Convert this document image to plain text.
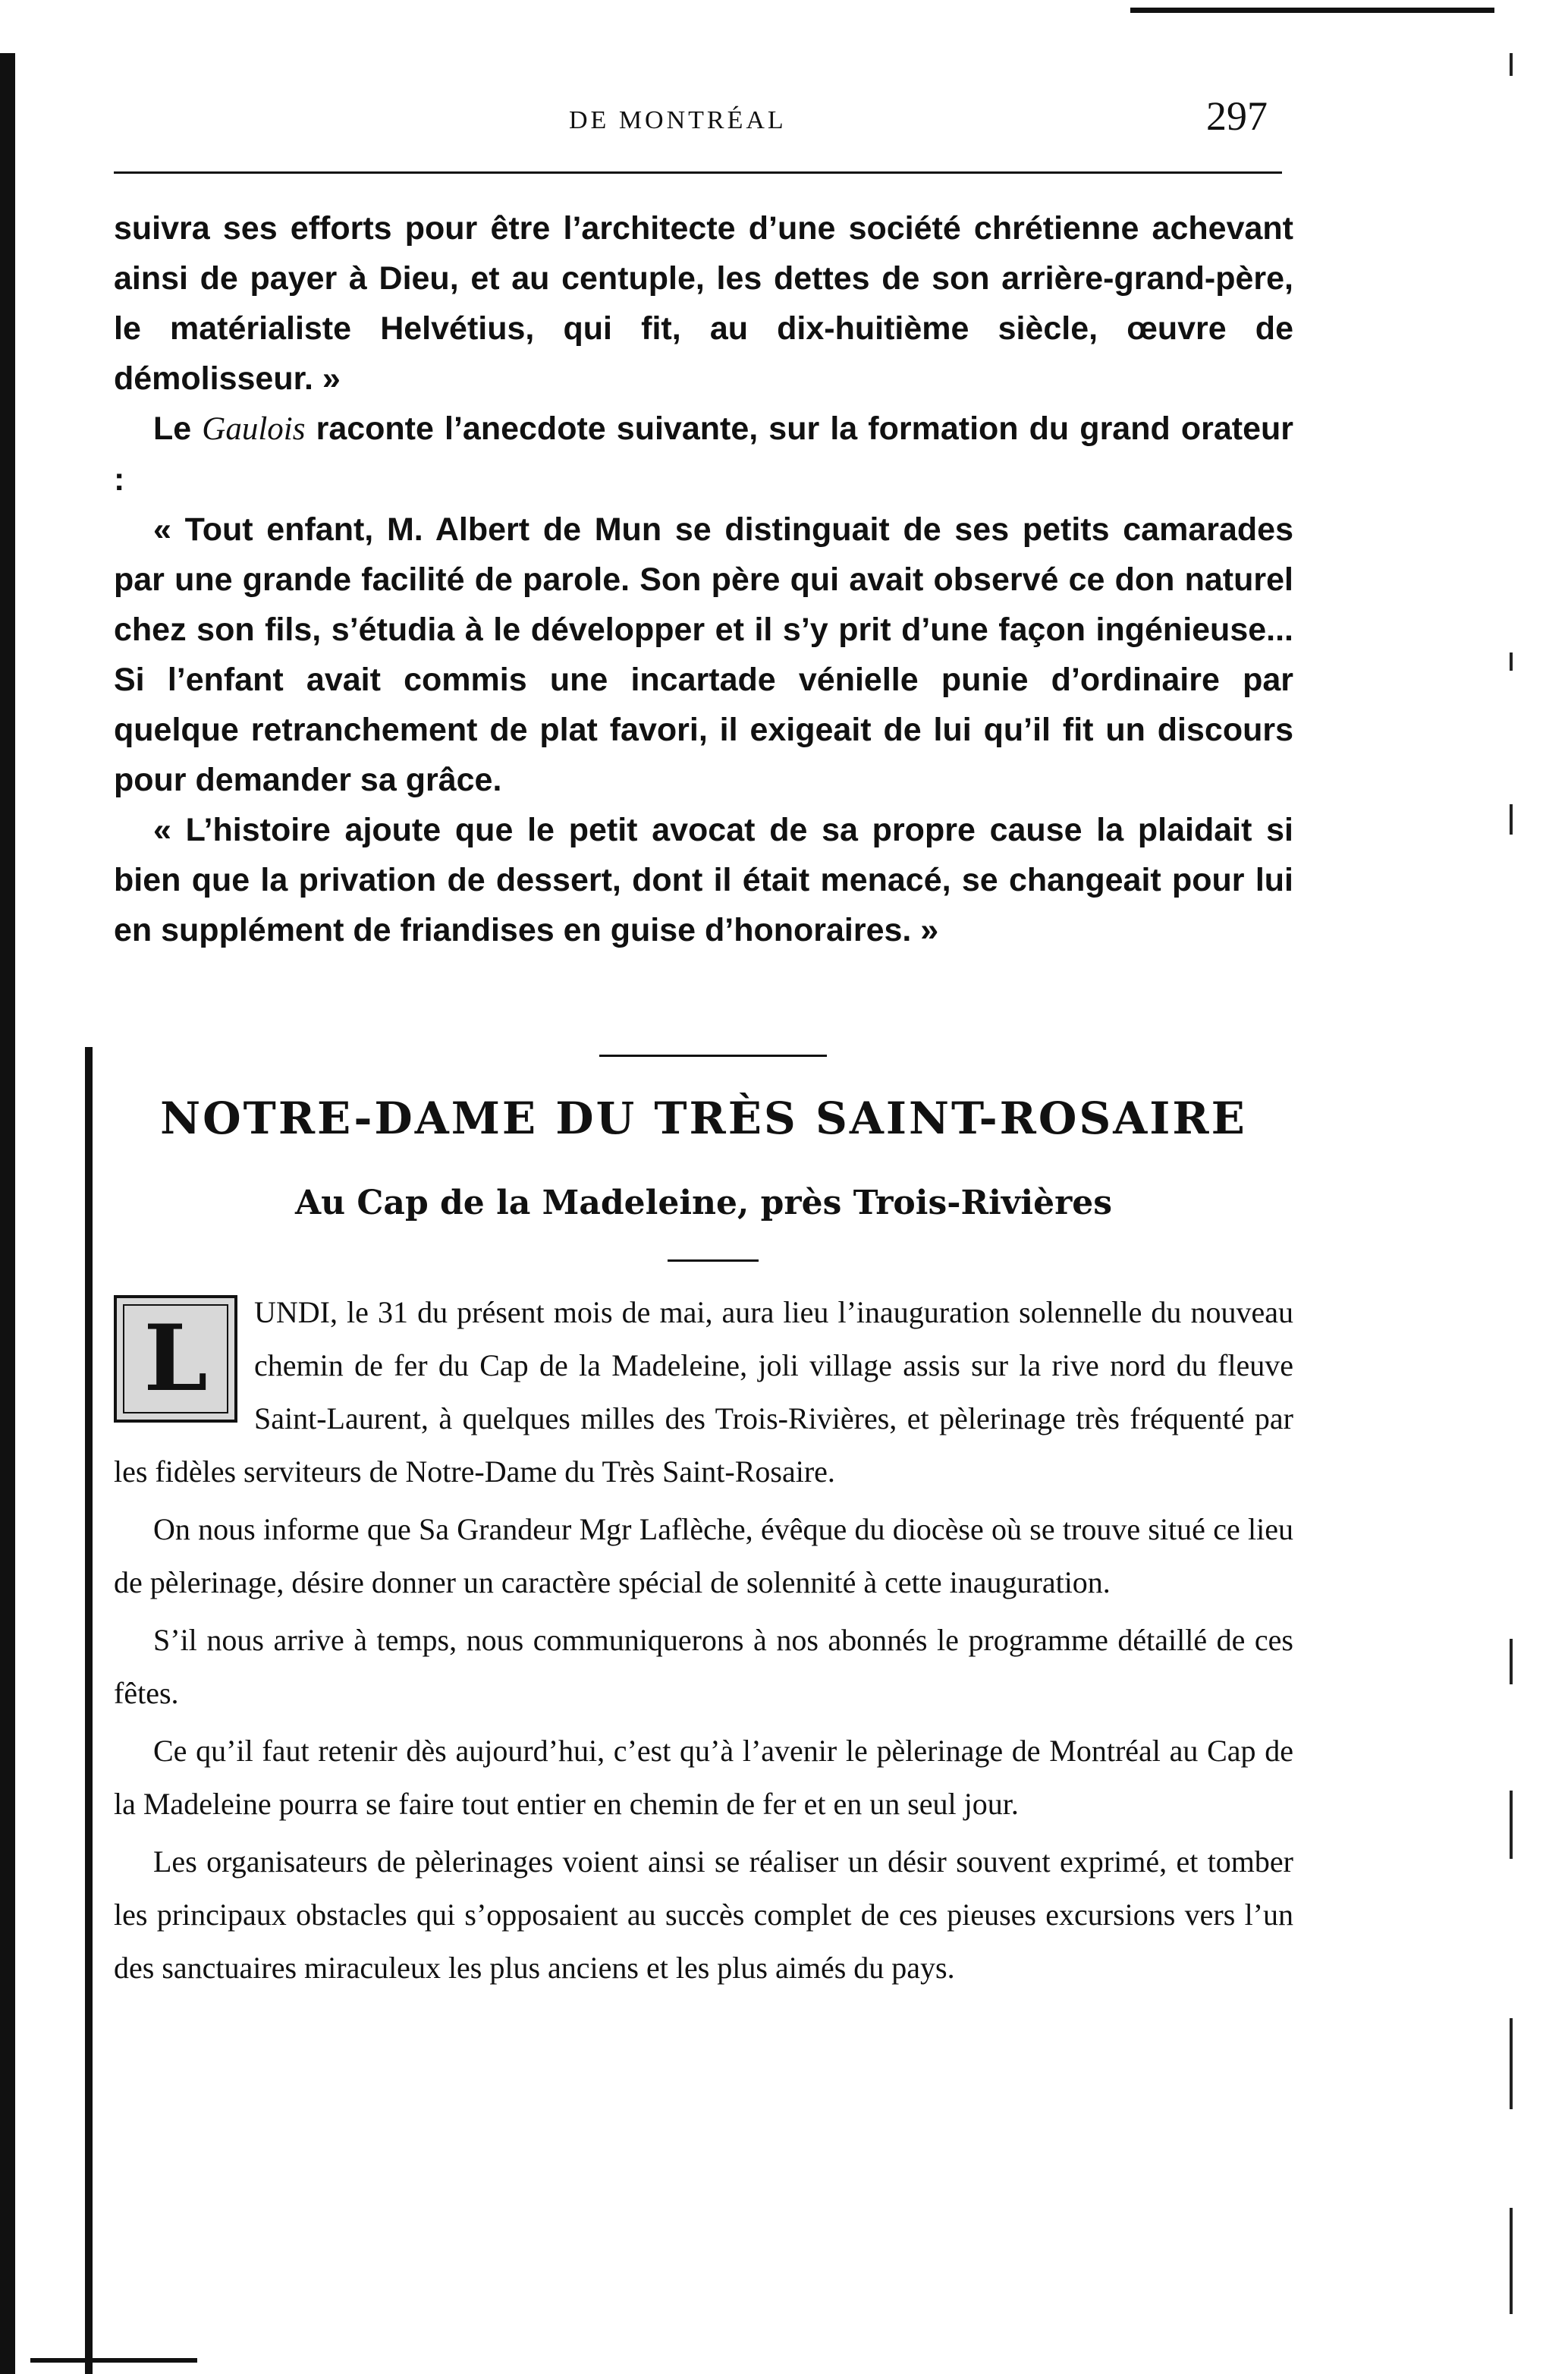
DE MONTRÉAL	297

suivra ses efforts pour être l’architecte d’une société chrétienne achevant ainsi de payer à Dieu, et au centuple, les dettes de son arrière-grand-père, le matérialiste Helvétius, qui fit, au dix-huitième siècle, œuvre de démolisseur. »

Le Gaulois raconte l’anecdote suivante, sur la formation du grand orateur :

« Tout enfant, M. Albert de Mun se distinguait de ses petits camarades par une grande facilité de parole. Son père qui avait observé ce don naturel chez son fils, s’étudia à le développer et il s’y prit d’une façon ingénieuse... Si l’enfant avait commis une incartade vénielle punie d’ordinaire par quelque retranchement de plat favori, il exigeait de lui qu’il fit un discours pour demander sa grâce.

« L’histoire ajoute que le petit avocat de sa propre cause la plaidait si bien que la privation de dessert, dont il était menacé, se changeait pour lui en supplément de friandises en guise d’honoraires. »

NOTRE-DAME DU TRÈS SAINT-ROSAIRE
Au Cap de la Madeleine, près Trois-Rivières

L	UNDI, le 31 du présent mois de mai, aura lieu l’inauguration solennelle du nouveau chemin de fer du Cap de la Madeleine, joli village assis sur la rive nord du fleuve Saint-Laurent, à quelques milles des Trois-Rivières, et pèlerinage très fréquenté par les fidèles serviteurs de Notre-Dame du Très Saint-Rosaire.

On nous informe que Sa Grandeur Mgr Laflèche, évêque du diocèse où se trouve situé ce lieu de pèlerinage, désire donner un caractère spécial de solennité à cette inauguration.

S’il nous arrive à temps, nous communiquerons à nos abonnés le programme détaillé de ces fêtes.

Ce qu’il faut retenir dès aujourd’hui, c’est qu’à l’avenir le pèlerinage de Montréal au Cap de la Madeleine pourra se faire tout entier en chemin de fer et en un seul jour.

Les organisateurs de pèlerinages voient ainsi se réaliser un désir souvent exprimé, et tomber les principaux obstacles qui s’opposaient au succès complet de ces pieuses excursions vers l’un des sanctuaires miraculeux les plus anciens et les plus aimés du pays.
